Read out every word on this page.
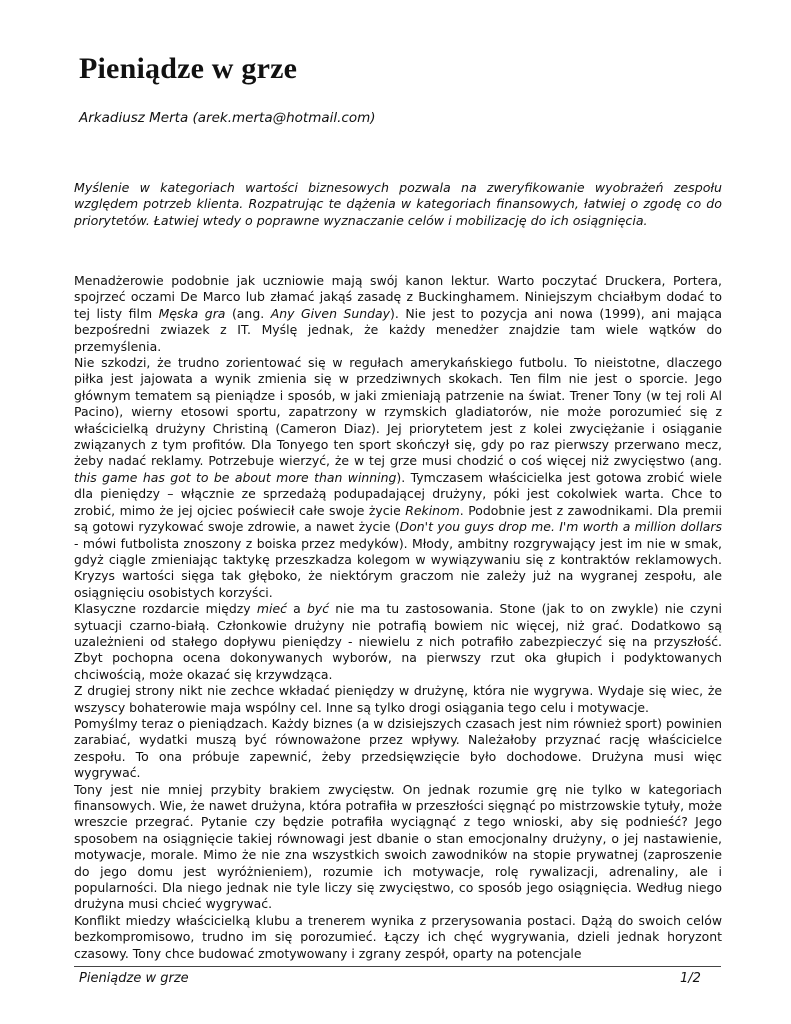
Pieniądze w grze

Arkadiusz Merta (arek.merta@hotmail.com)

Myślenie w kategoriach wartości biznesowych pozwala na zweryfikowanie wyobrażeń zespołu względem potrzeb klienta. Rozpatrując te dążenia w kategoriach finansowych, łatwiej o zgodę co do priorytetów. Łatwiej wtedy o poprawne wyznaczanie celów i mobilizację do ich osiągnięcia.

Menadżerowie podobnie jak uczniowie mają swój kanon lektur. Warto poczytać Druckera, Portera, spojrzeć oczami De Marco lub złamać jakąś zasadę z Buckinghamem. Niniejszym chciałbym dodać to tej listy film Męska gra (ang. Any Given Sunday). Nie jest to pozycja ani nowa (1999), ani mająca bezpośredni zwiazek z IT. Myślę jednak, że każdy menedżer znajdzie tam wiele wątków do przemyślenia.

Nie szkodzi, że trudno zorientować się w regułach amerykańskiego futbolu. To nieistotne, dlaczego piłka jest jajowata a wynik zmienia się w przedziwnych skokach. Ten film nie jest o sporcie. Jego głównym tematem są pieniądze i sposób, w jaki zmieniają patrzenie na świat. Trener Tony (w tej roli Al Pacino), wierny etosowi sportu, zapatrzony w rzymskich gladiatorów, nie może porozumieć się z właścicielką drużyny Christiną (Cameron Diaz). Jej priorytetem jest z kolei zwyciężanie i osiąganie związanych z tym profitów. Dla Tonyego ten sport skończył się, gdy po raz pierwszy przerwano mecz, żeby nadać reklamy. Potrzebuje wierzyć, że w tej grze musi chodzić o coś więcej niż zwycięstwo (ang. this game has got to be about more than winning). Tymczasem właścicielka jest gotowa zrobić wiele dla pieniędzy – włącznie ze sprzedażą podupadającej drużyny, póki jest cokolwiek warta. Chce to zrobić, mimo że jej ojciec poświecił całe swoje życie Rekinom. Podobnie jest z zawodnikami. Dla premii są gotowi ryzykować swoje zdrowie, a nawet życie (Don't you guys drop me. I'm worth a million dollars - mówi futbolista znoszony z boiska przez medyków). Młody, ambitny rozgrywający jest im nie w smak, gdyż ciągle zmieniając taktykę przeszkadza kolegom w wywiązywaniu się z kontraktów reklamowych. Kryzys wartości sięga tak głęboko, że niektórym graczom nie zależy już na wygranej zespołu, ale osiągnięciu osobistych korzyści.

Klasyczne rozdarcie między mieć a być nie ma tu zastosowania. Stone (jak to on zwykle) nie czyni sytuacji czarno-białą. Członkowie drużyny nie potrafią bowiem nic więcej, niż grać. Dodatkowo są uzależnieni od stałego dopływu pieniędzy - niewielu z nich potrafiło zabezpieczyć się na przyszłość. Zbyt pochopna ocena dokonywanych wyborów, na pierwszy rzut oka głupich i podyktowanych chciwością, może okazać się krzywdząca.

Z drugiej strony nikt nie zechce wkładać pieniędzy w drużynę, która nie wygrywa. Wydaje się wiec, że wszyscy bohaterowie maja wspólny cel. Inne są tylko drogi osiągania tego celu i motywacje.

Pomyślmy teraz o pieniądzach. Każdy biznes (a w dzisiejszych czasach jest nim również sport) powinien zarabiać, wydatki muszą być równoważone przez wpływy. Należałoby przyznać rację właścicielce zespołu. To ona próbuje zapewnić, żeby przedsięwzięcie było dochodowe. Drużyna musi więc wygrywać.

Tony jest nie mniej przybity brakiem zwycięstw. On jednak rozumie grę nie tylko w kategoriach finansowych. Wie, że nawet drużyna, która potrafiła w przeszłości sięgnąć po mistrzowskie tytuły, może wreszcie przegrać. Pytanie czy będzie potrafiła wyciągnąć z tego wnioski, aby się podnieść? Jego sposobem na osiągnięcie takiej równowagi jest dbanie o stan emocjonalny drużyny, o jej nastawienie, motywacje, morale. Mimo że nie zna wszystkich swoich zawodników na stopie prywatnej (zaproszenie do jego domu jest wyróżnieniem), rozumie ich motywacje, rolę rywalizacji, adrenaliny, ale i popularności. Dla niego jednak nie tyle liczy się zwycięstwo, co sposób jego osiągnięcia. Według niego drużyna musi chcieć wygrywać.

Konflikt miedzy właścicielką klubu a trenerem wynika z przerysowania postaci. Dążą do swoich celów bezkompromisowo, trudno im się porozumieć. Łączy ich chęć wygrywania, dzieli jednak horyzont czasowy. Tony chce budować zmotywowany i zgrany zespół, oparty na potencjale

Pieniądze w grze	1/2
